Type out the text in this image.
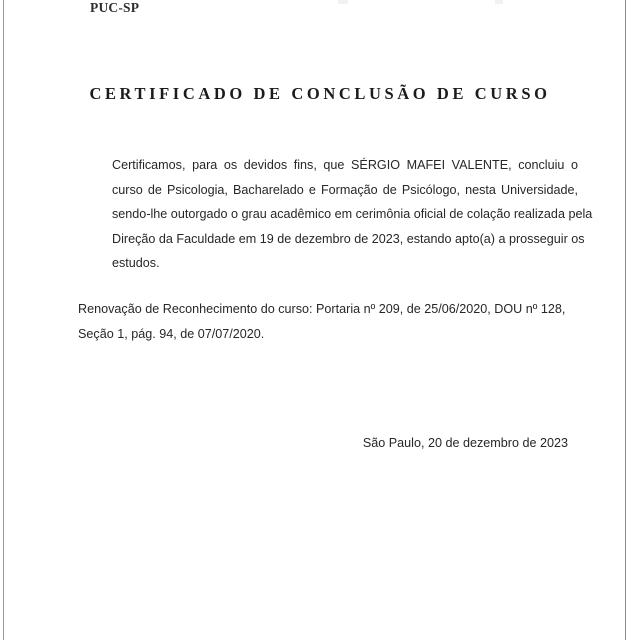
PUC-SP
CERTIFICADO DE CONCLUSÃO DE CURSO
Certificamos, para os devidos fins, que SÉRGIO MAFEI VALENTE, concluiu o
curso de Psicologia, Bacharelado e Formação de Psicólogo, nesta Universidade,
sendo-lhe outorgado o grau acadêmico em cerimônia oficial de colação realizada pela
Direção da Faculdade em 19 de dezembro de 2023, estando apto(a) a prosseguir os
estudos.
Renovação de Reconhecimento do curso: Portaria nº 209, de 25/06/2020, DOU nº 128,
Seção 1, pág. 94, de 07/07/2020.
São Paulo, 20 de dezembro de 2023
